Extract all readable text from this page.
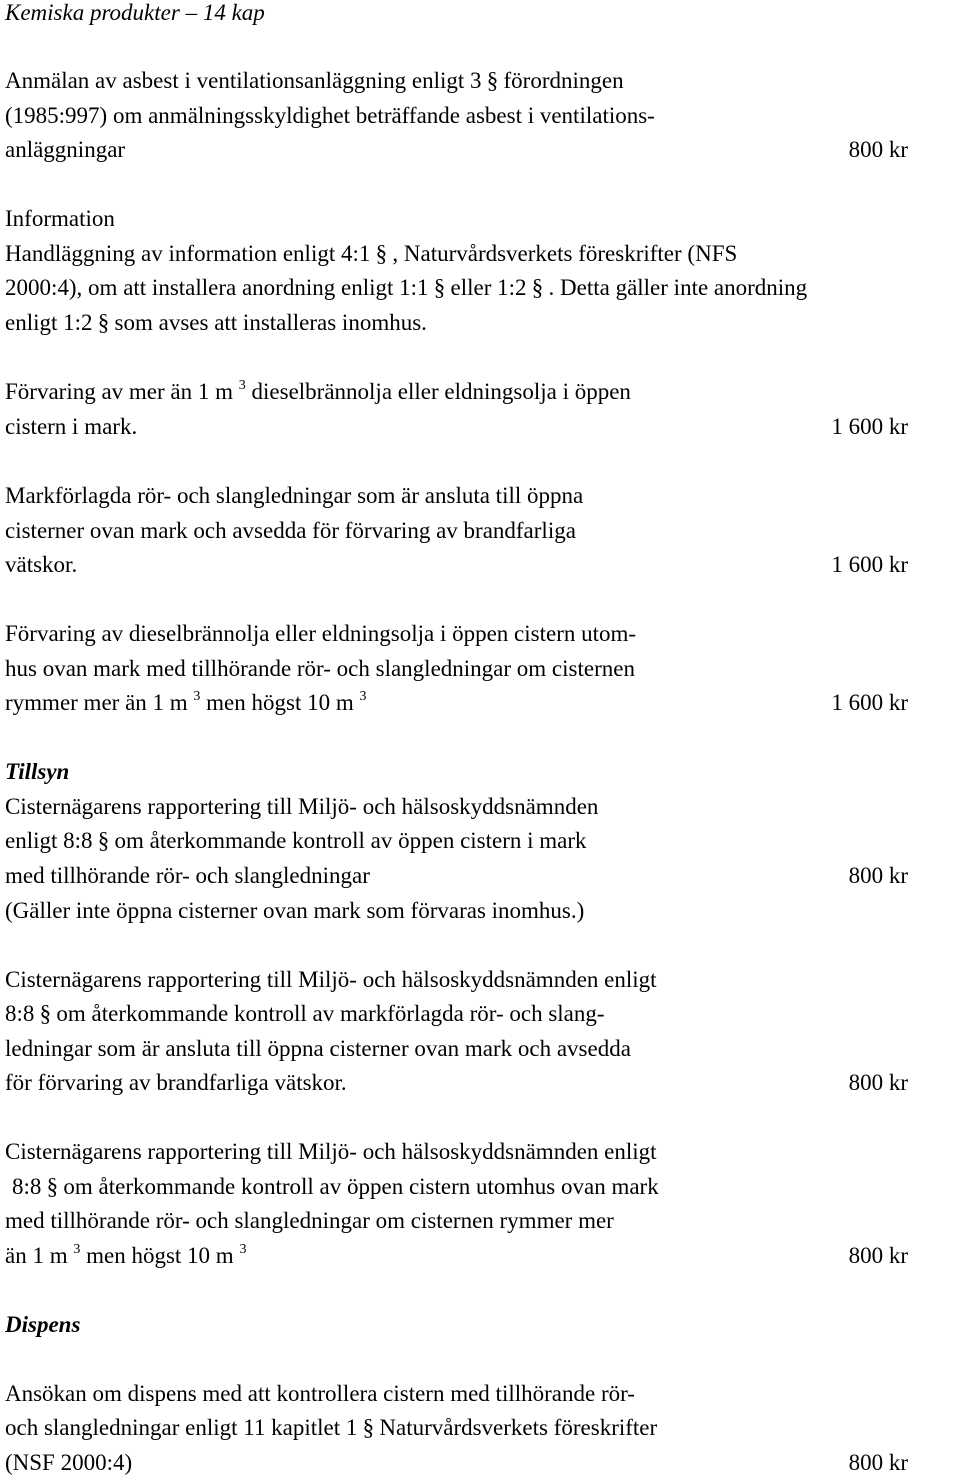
Kemiska produkter – 14 kap
Anmälan av asbest i ventilationsanläggning enligt 3 § förordningen
(1985:997) om anmälningsskyldighet beträffande asbest i ventilations-
anläggningar	800 kr
Information
Handläggning av information enligt 4:1 § , Naturvårdsverkets föreskrifter (NFS
2000:4), om att installera anordning enligt 1:1 § eller 1:2 § . Detta gäller inte anordning
enligt 1:2 § som avses att installeras inomhus.
Förvaring av mer än 1 m $^3$ dieselbrännolja eller eldningsolja i öppen
cistern i mark.	1 600 kr
Markförlagda rör- och slangledningar som är ansluta till öppna
cisterner ovan mark och avsedda för förvaring av brandfarliga
vätskor.	1 600 kr
Förvaring av dieselbrännolja eller eldningsolja i öppen cistern utom-
hus ovan mark med tillhörande rör- och slangledningar om cisternen
rymmer mer än 1 m $^3$ men högst 10 m $^3$	1 600 kr
Tillsyn
Cisternägarens rapportering till Miljö- och hälsoskyddsnämnden
enligt 8:8 § om återkommande kontroll av öppen cistern i mark
med tillhörande rör- och slangledningar	800 kr
(Gäller inte öppna cisterner ovan mark som förvaras inomhus.)
Cisternägarens rapportering till Miljö- och hälsoskyddsnämnden enligt
8:8 § om återkommande kontroll av markförlagda rör- och slang-
ledningar som är ansluta till öppna cisterner ovan mark och avsedda
för förvaring av brandfarliga vätskor.	800 kr
Cisternägarens rapportering till Miljö- och hälsoskyddsnämnden enligt
8:8 § om återkommande kontroll av öppen cistern utomhus ovan mark
med tillhörande rör- och slangledningar om cisternen rymmer mer
än 1 m $^3$ men högst 10 m $^3$	800 kr
Dispens
Ansökan om dispens med att kontrollera cistern med tillhörande rör-
och slangledningar enligt 11 kapitlet 1 § Naturvårdsverkets föreskrifter
(NSF 2000:4)	800 kr
